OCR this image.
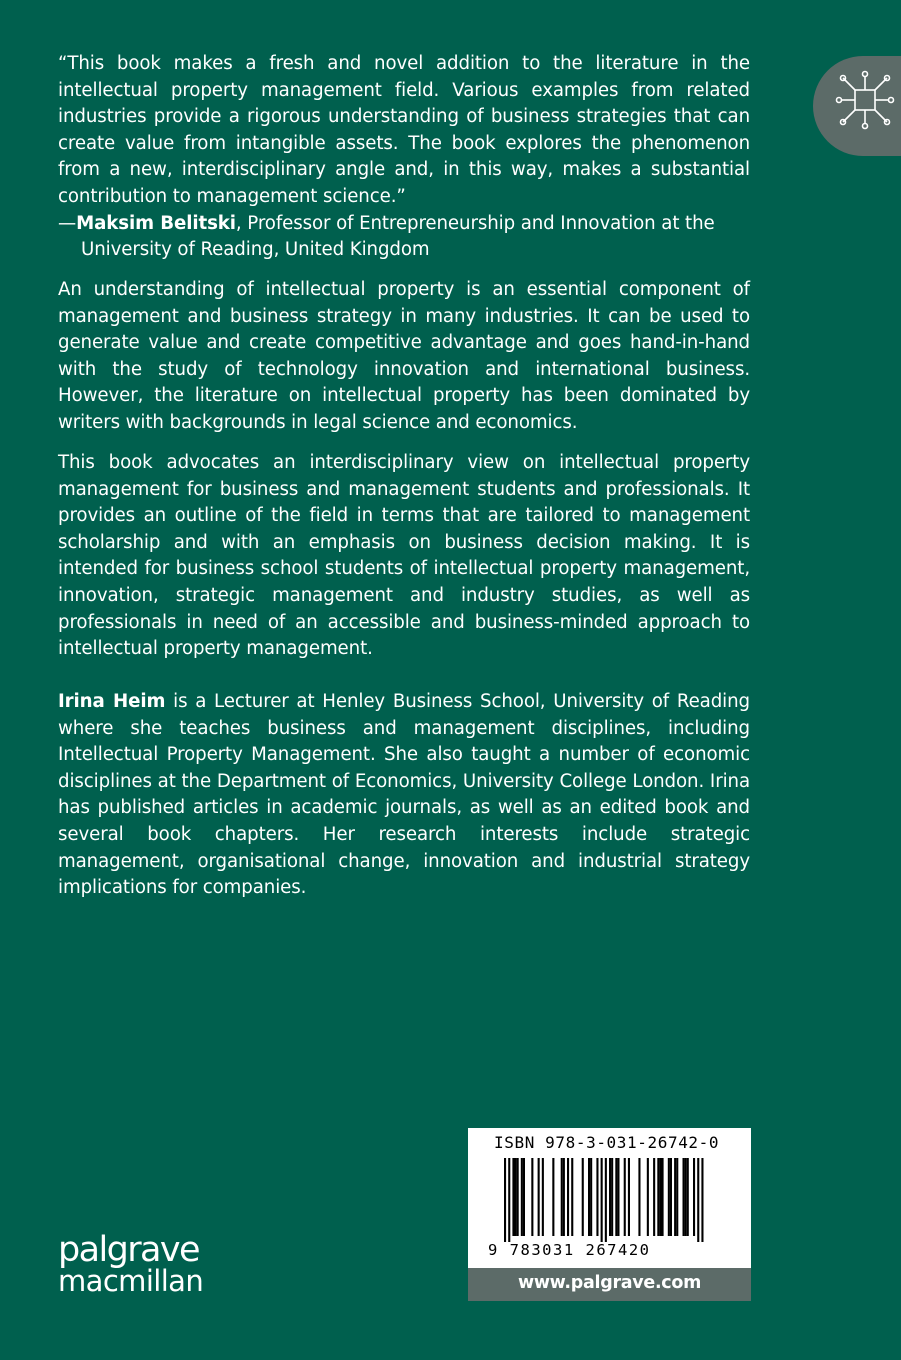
“This book makes a fresh and novel addition to the literature in the intellectual property management field. Various examples from related industries provide a rigorous understanding of business strategies that can create value from intangible assets. The book explores the phenomenon from a new, interdisciplinary angle and, in this way, makes a substantial contribution to management science.”

—Maksim Belitski, Professor of Entrepreneurship and Innovation at the University of Reading, United Kingdom

An understanding of intellectual property is an essential component of management and business strategy in many industries. It can be used to generate value and create competitive advantage and goes hand-in-hand with the study of technology innovation and international business. However, the literature on intellectual property has been dominated by writers with backgrounds in legal science and economics.

This book advocates an interdisciplinary view on intellectual property management for business and management students and professionals. It provides an outline of the field in terms that are tailored to management scholarship and with an emphasis on business decision making. It is intended for business school students of intellectual property management, innovation, strategic management and industry studies, as well as professionals in need of an accessible and business-minded approach to intellectual property management.

Irina Heim is a Lecturer at Henley Business School, University of Reading where she teaches business and management disciplines, including Intellectual Property Management. She also taught a number of economic disciplines at the Department of Economics, University College London. Irina has published articles in academic journals, as well as an edited book and several book chapters. Her research interests include strategic management, organisational change, innovation and industrial strategy implications for companies.

palgrave
macmillan
ISBN 978-3-031-26742-0
9 783031 267420
www.palgrave.com
